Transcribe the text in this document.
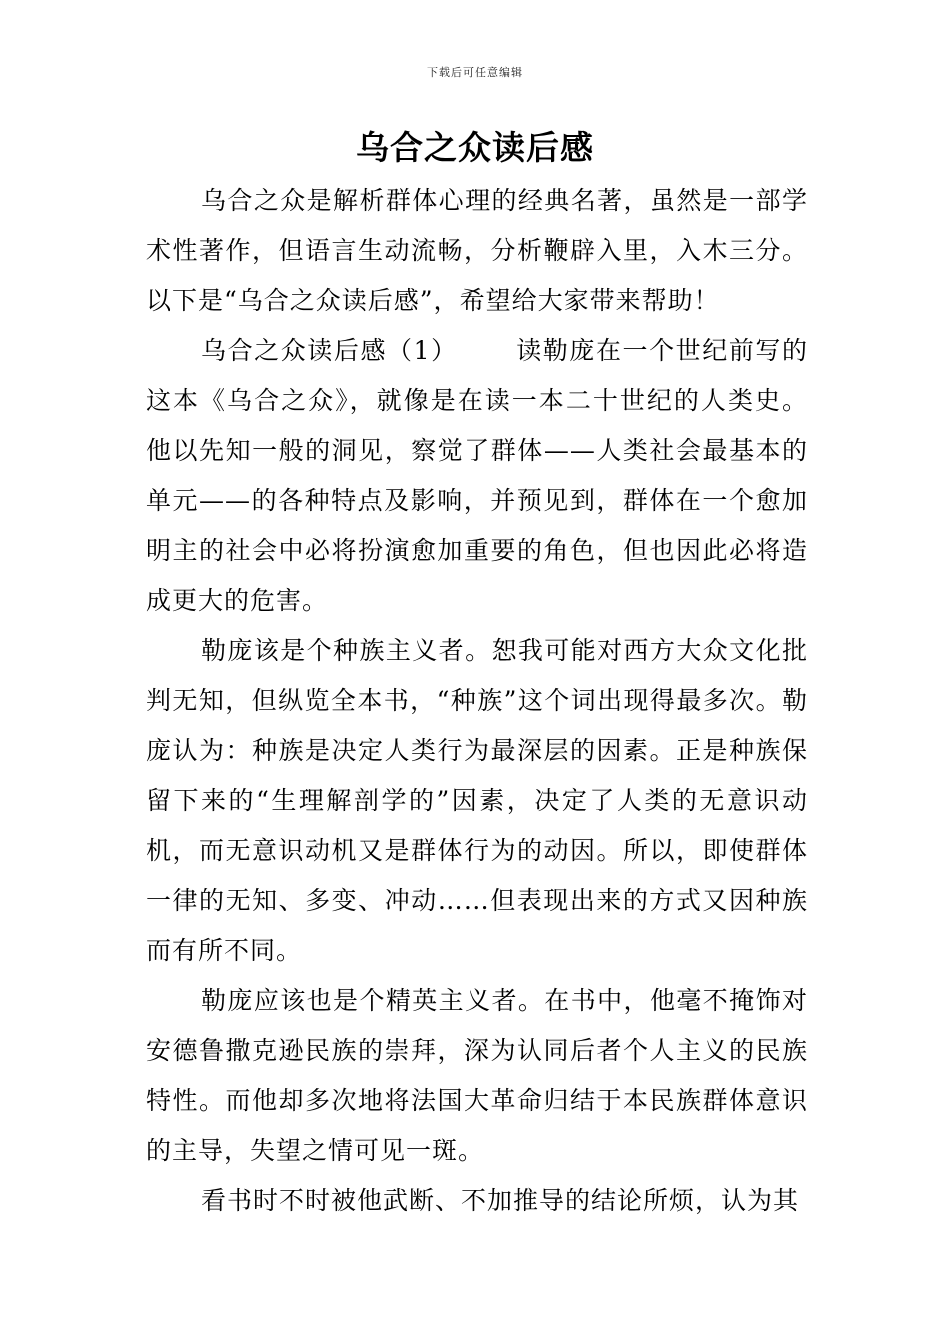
下载后可任意编辑
乌合之众读后感

乌合之众是解析群体心理的经典名著，虽然是一部学术性著作，但语言生动流畅，分析鞭辟入里，入木三分。以下是“乌合之众读后感”，希望给大家带来帮助！

乌合之众读后感（1） 读勒庞在一个世纪前写的这本《乌合之众》，就像是在读一本二十世纪的人类史。他以先知一般的洞见，察觉了群体——人类社会最基本的单元——的各种特点及影响，并预见到，群体在一个愈加明主的社会中必将扮演愈加重要的角色，但也因此必将造成更大的危害。

勒庞该是个种族主义者。恕我可能对西方大众文化批判无知，但纵览全本书，“种族”这个词出现得最多次。勒庞认为：种族是决定人类行为最深层的因素。正是种族保留下来的“生理解剖学的”因素，决定了人类的无意识动机，而无意识动机又是群体行为的动因。所以，即使群体一律的无知、多变、冲动……但表现出来的方式又因种族而有所不同。

勒庞应该也是个精英主义者。在书中，他毫不掩饰对安德鲁撒克逊民族的崇拜，深为认同后者个人主义的民族特性。而他却多次地将法国大革命归结于本民族群体意识的主导，失望之情可见一斑。

看书时不时被他武断、不加推导的结论所烦，认为其
